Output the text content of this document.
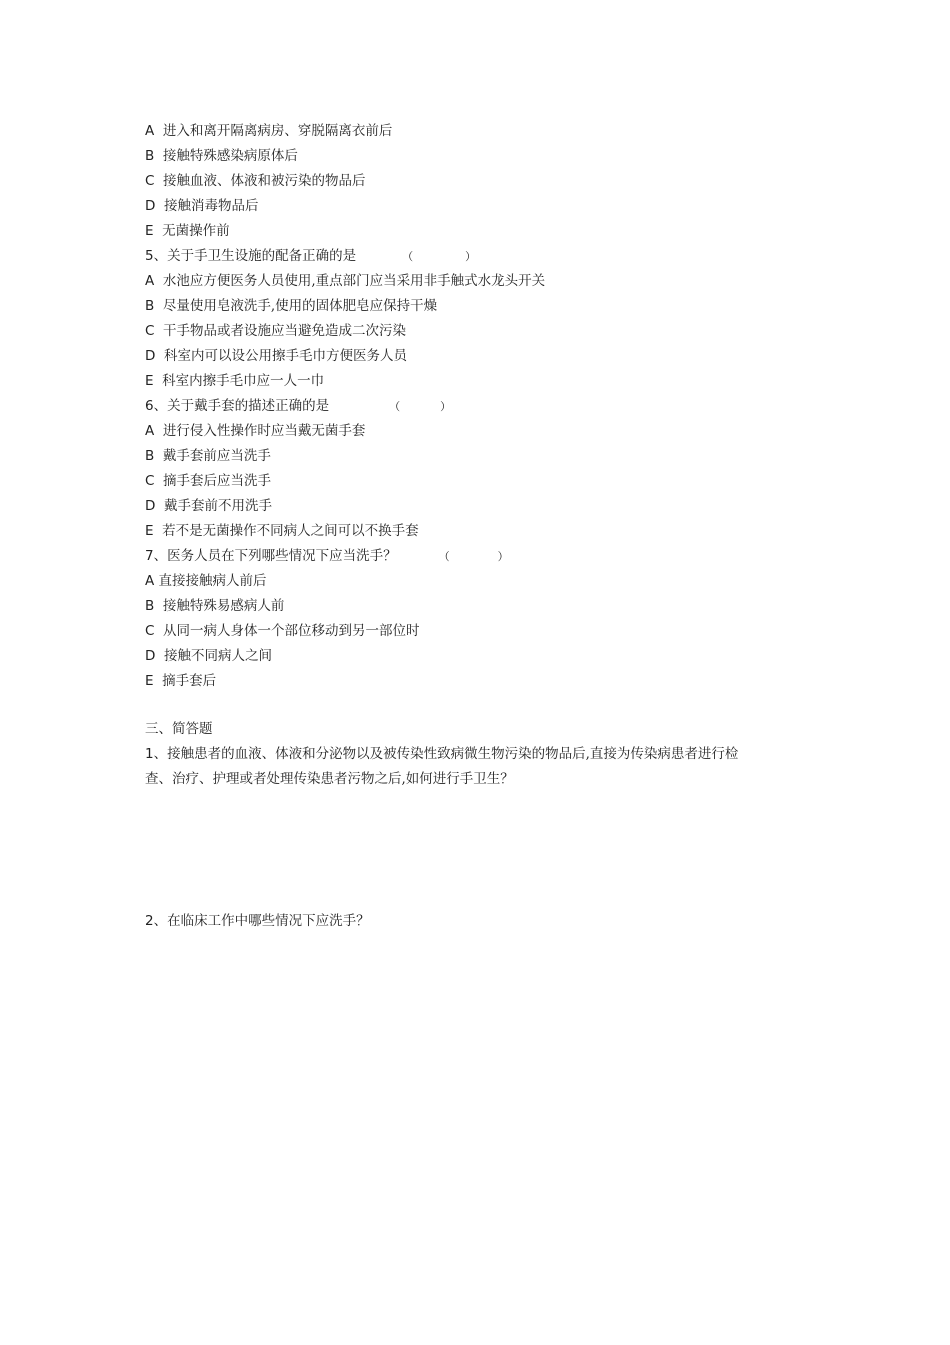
A 进入和离开隔离病房、穿脱隔离衣前后
B 接触特殊感染病原体后
C 接触血液、体液和被污染的物品后
D 接触消毒物品后
E 无菌操作前
5、关于手卫生设施的配备正确的是	（	）
A 水池应方便医务人员使用,重点部门应当采用非手触式水龙头开关
B 尽量使用皂液洗手,使用的固体肥皂应保持干燥
C 干手物品或者设施应当避免造成二次污染
D 科室内可以设公用擦手毛巾方便医务人员
E 科室内擦手毛巾应一人一巾
6、关于戴手套的描述正确的是	（	）
A 进行侵入性操作时应当戴无菌手套
B 戴手套前应当洗手
C 摘手套后应当洗手
D 戴手套前不用洗手
E 若不是无菌操作不同病人之间可以不换手套
7、医务人员在下列哪些情况下应当洗手？	（	）
A 直接接触病人前后
B 接触特殊易感病人前
C 从同一病人身体一个部位移动到另一部位时
D 接触不同病人之间
E 摘手套后
三、简答题
1、接触患者的血液、体液和分泌物以及被传染性致病微生物污染的物品后,直接为传染病患者进行检查、治疗、护理或者处理传染患者污物之后,如何进行手卫生？
2、在临床工作中哪些情况下应洗手？
